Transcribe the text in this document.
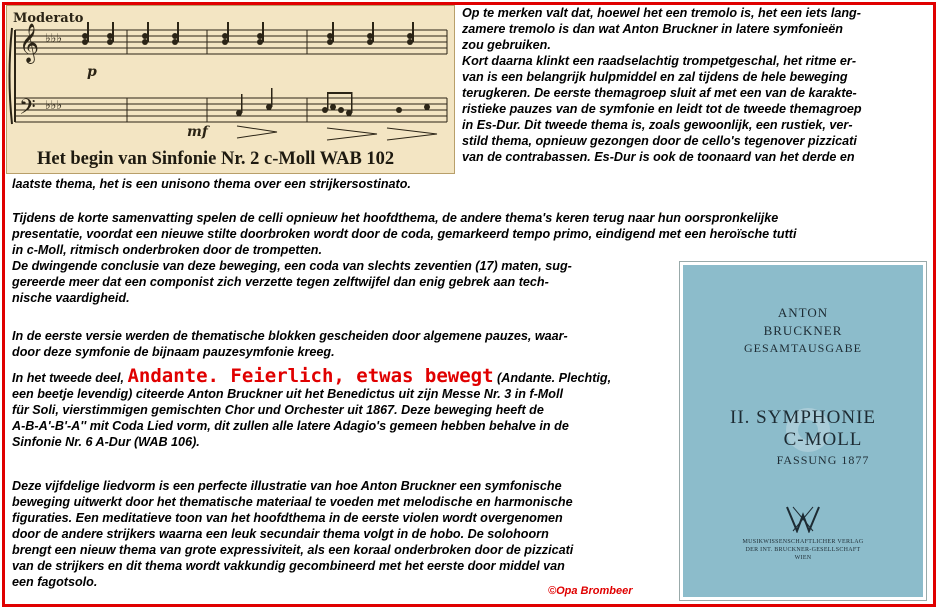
𝄞
𝄢
♭♭♭
♭♭♭
Moderato
p
mf
Het begin van Sinfonie Nr. 2 c-Moll WAB 102
Op te merken valt dat, hoewel het een tremolo is, het een iets lang-
zamere tremolo is dan wat Anton Bruckner in latere symfonieën
zou gebruiken.
Kort daarna klinkt een raadselachtig trompetgeschal, het ritme er-
van is een belangrijk hulpmiddel en zal tijdens de hele beweging
terugkeren. De eerste themagroep sluit af met een van de karakte-
ristieke pauzes van de symfonie en leidt tot de tweede themagroep
in Es-Dur. Dit tweede thema is, zoals gewoonlijk, een rustiek, ver-
stild thema, opnieuw gezongen door de cello's tegenover pizzicati
van de contrabassen. Es-Dur is ook de toonaard van het derde en
laatste thema, het is een unisono thema over een strijkersostinato.
Tijdens de korte samenvatting spelen de celli opnieuw het hoofdthema, de andere thema's keren terug naar hun oorspronkelijke
presentatie, voordat een nieuwe stilte doorbroken wordt door de coda, gemarkeerd tempo primo, eindigend met een heroïsche tutti
in c-Moll, ritmisch onderbroken door de trompetten.
De dwingende conclusie van deze beweging, een coda van slechts zeventien (17) maten, sug-
gereerde meer dat een componist zich verzette tegen zelftwijfel dan enig gebrek aan tech-
nische vaardigheid.
In de eerste versie werden de thematische blokken gescheiden door algemene pauzes, waar-
door deze symfonie de bijnaam pauzesymfonie kreeg.
In het tweede deel, Andante. Feierlich, etwas bewegt (Andante. Plechtig,
een beetje levendig) citeerde Anton Bruckner uit het Benedictus uit zijn Messe Nr. 3 in f-Moll
für Soli, vierstimmigen gemischten Chor und Orchester uit 1867. Deze beweging heeft de
A-B-A'-B'-A'' mit Coda Lied vorm, dit zullen alle latere Adagio's gemeen hebben behalve in de
Sinfonie Nr. 6 A-Dur (WAB 106).
Deze vijfdelige liedvorm is een perfecte illustratie van hoe Anton Bruckner een symfonische
beweging uitwerkt door het thematische materiaal te voeden met melodische en harmonische
figuraties. Een meditatieve toon van het hoofdthema in de eerste violen wordt overgenomen
door de andere strijkers waarna een leuk secundair thema volgt in de hobo. De solohoorn
brengt een nieuw thema van grote expressiviteit, als een koraal onderbroken door de pizzicati
van de strijkers en dit thema wordt vakkundig gecombineerd met het eerste door middel van
een fagotsolo.
ANTON
BRUCKNER
GESAMTAUSGABE
II. SYMPHONIE
C-MOLL
FASSUNG 1877
MUSIKWISSENSCHAFTLICHER VERLAG
DER INT. BRUCKNER-GESELLSCHAFT
WIEN
©Opa Brombeer
